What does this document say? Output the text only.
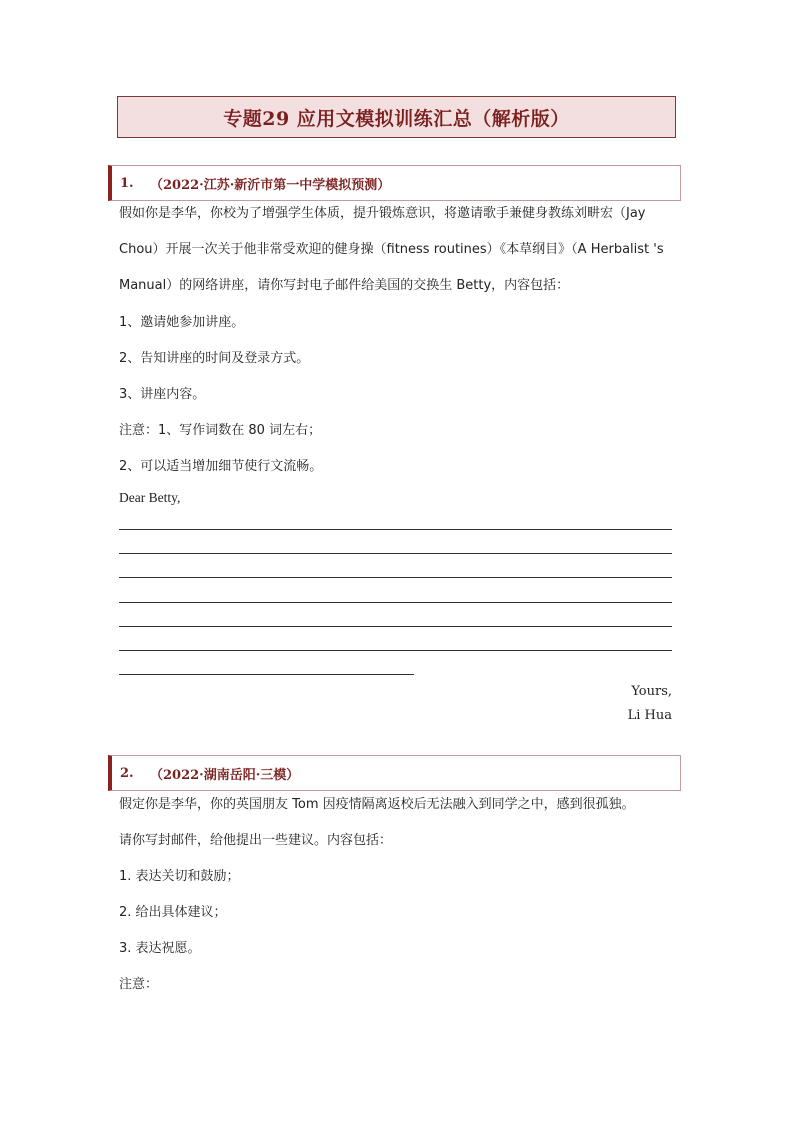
专题29 应用文模拟训练汇总（解析版）
1.	（2022·江苏·新沂市第一中学模拟预测）
假如你是李华，你校为了增强学生体质，提升锻炼意识，将邀请歌手兼健身教练刘畊宏（Jay
Chou）开展一次关于他非常受欢迎的健身操（fitness routines）《本草纲目》（A Herbalist 's
Manual）的网络讲座，请你写封电子邮件给美国的交换生 Betty，内容包括：
1、邀请她参加讲座。
2、告知讲座的时间及登录方式。
3、讲座内容。
注意：1、写作词数在 80 词左右；
2、可以适当增加细节使行文流畅。
Dear Betty,
Yours,
Li Hua
2.	（2022·湖南岳阳·三模）
假定你是李华，你的英国朋友 Tom 因疫情隔离返校后无法融入到同学之中，感到很孤独。
请你写封邮件，给他提出一些建议。内容包括：
1. 表达关切和鼓励；
2. 给出具体建议；
3. 表达祝愿。
注意：
